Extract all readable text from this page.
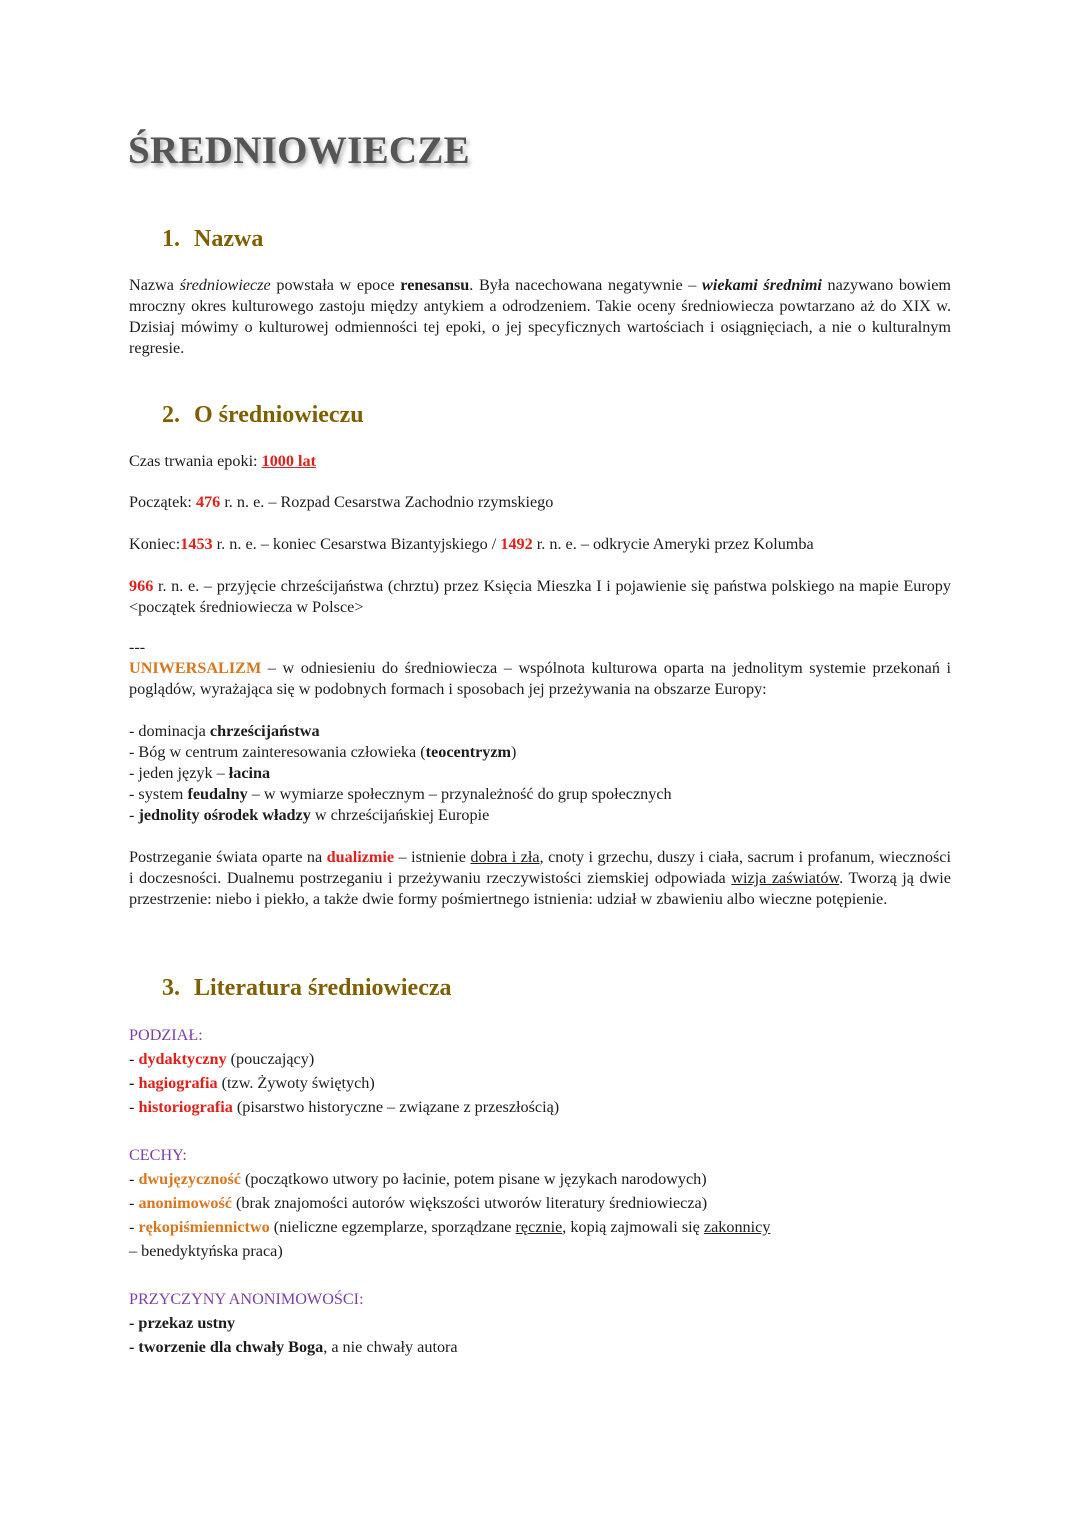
ŚREDNIOWIECZE
1. Nazwa

Nazwa średniowiecze powstała w epoce renesansu. Była nacechowana negatywnie – wiekami średnimi nazywano bowiem mroczny okres kulturowego zastoju między antykiem a odrodzeniem. Takie oceny średniowiecza powtarzano aż do XIX w. Dzisiaj mówimy o kulturowej odmienności tej epoki, o jej specyficznych wartościach i osiągnięciach, a nie o kulturalnym regresie.

2. O średniowieczu

Czas trwania epoki: 1000 lat

Początek: 476 r. n. e. – Rozpad Cesarstwa Zachodnio rzymskiego

Koniec:1453 r. n. e. – koniec Cesarstwa Bizantyjskiego / 1492 r. n. e. – odkrycie Ameryki przez Kolumba

966 r. n. e. – przyjęcie chrześcijaństwa (chrztu) przez Księcia Mieszka I i pojawienie się państwa polskiego na mapie Europy <początek średniowiecza w Polsce>

---

UNIWERSALIZM – w odniesieniu do średniowiecza – wspólnota kulturowa oparta na jednolitym systemie przekonań i poglądów, wyrażająca się w podobnych formach i sposobach jej przeżywania na obszarze Europy:

- dominacja chrześcijaństwa
- Bóg w centrum zainteresowania człowieka (teocentryzm)
- jeden język – łacina
- system feudalny – w wymiarze społecznym – przynależność do grup społecznych
- jednolity ośrodek władzy w chrześcijańskiej Europie

Postrzeganie świata oparte na dualizmie – istnienie dobra i zła, cnoty i grzechu, duszy i ciała, sacrum i profanum, wieczności i doczesności. Dualnemu postrzeganiu i przeżywaniu rzeczywistości ziemskiej odpowiada wizja zaświatów. Tworzą ją dwie przestrzenie: niebo i piekło, a także dwie formy pośmiertnego istnienia: udział w zbawieniu albo wieczne potępienie.

3. Literatura średniowiecza

PODZIAŁ:
- dydaktyczny (pouczający)
- hagiografia (tzw. Żywoty świętych)
- historiografia (pisarstwo historyczne – związane z przeszłością)

CECHY:
- dwujęzyczność (początkowo utwory po łacinie, potem pisane w językach narodowych)
- anonimowość (brak znajomości autorów większości utworów literatury średniowiecza)
- rękopiśmiennictwo (nieliczne egzemplarze, sporządzane ręcznie, kopią zajmowali się zakonnicy
– benedyktyńska praca)

PRZYCZYNY ANONIMOWOŚCI:
- przekaz ustny
- tworzenie dla chwały Boga, a nie chwały autora
